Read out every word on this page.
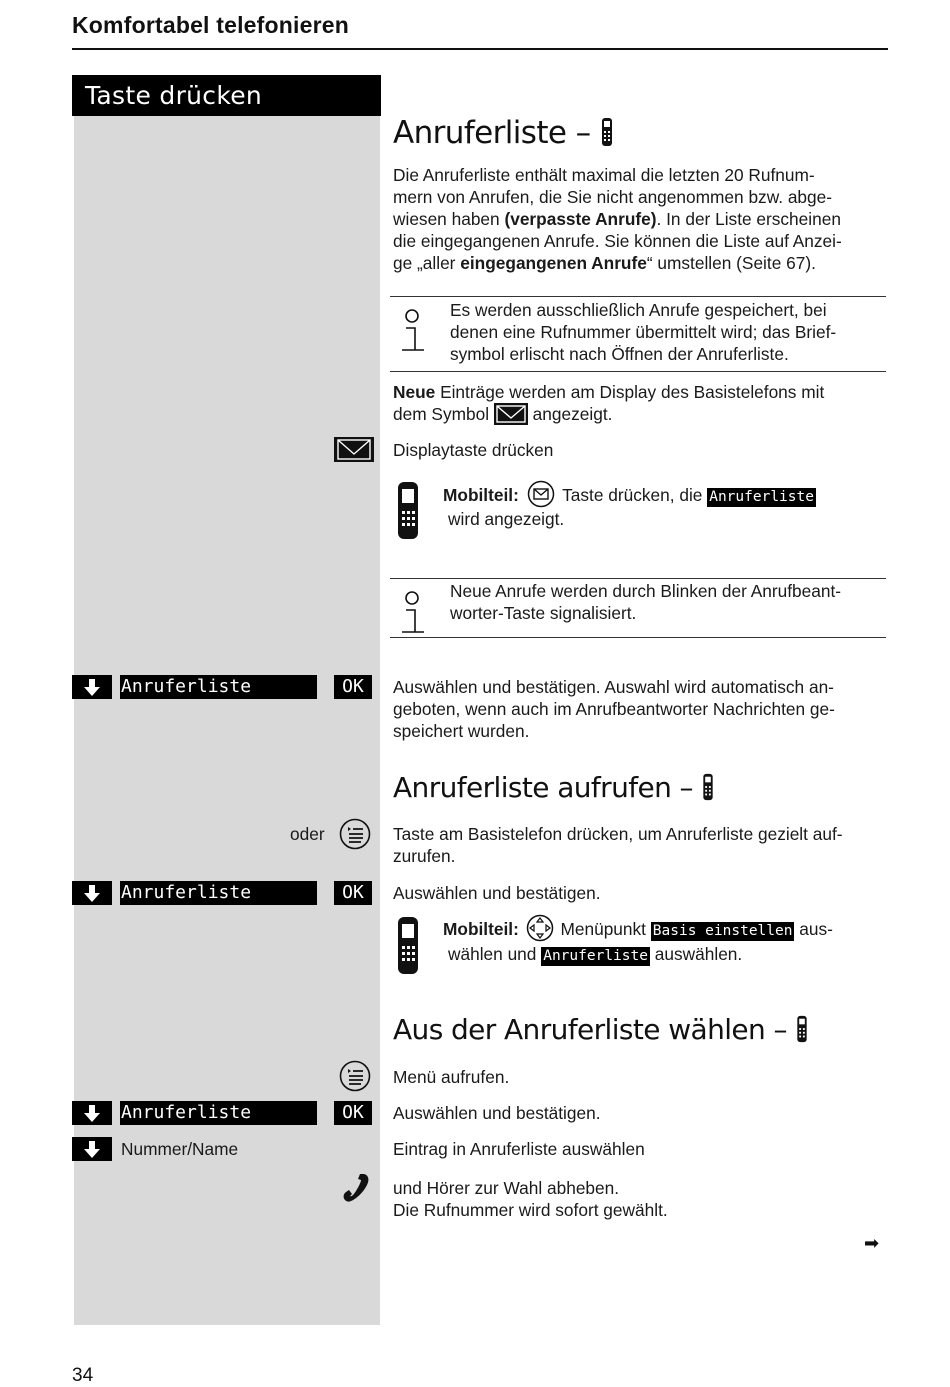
Komfortabel telefonieren
Taste drücken
Anruferliste –

Die Anruferliste enthält maximal die letzten 20 Rufnum-

mern von Anrufen, die Sie nicht angenommen bzw. abge-

wiesen haben (verpasste Anrufe). In der Liste erscheinen

die eingegangenen Anrufe. Sie können die Liste auf Anzei-

ge „aller eingegangenen Anrufe“ umstellen (Seite 67).

Es werden ausschließlich Anrufe gespeichert, bei

denen eine Rufnummer übermittelt wird; das Brief-

symbol erlischt nach Öffnen der Anruferliste.

Neue Einträge werden am Display des Basistelefons mit

dem Symbol	angezeigt.

Displaytaste drücken

Mobilteil:	Taste drücken, die Anruferliste

wird angezeigt.

Neue Anrufe werden durch Blinken der Anrufbeant-

worter-Taste signalisiert.

Anruferliste	OK	Auswählen und bestätigen. Auswahl wird automatisch an-

geboten, wenn auch im Anrufbeantworter Nachrichten ge-

speichert wurden.

Anruferliste aufrufen –
oder	Taste am Basistelefon drücken, um Anruferliste gezielt auf-

zurufen.

Anruferliste	OK	Auswählen und bestätigen.

Mobilteil: Menüpunkt Basis einstellen aus-

wählen und Anruferliste auswählen.

Aus der Anruferliste wählen –
Menü aufrufen.
Anruferliste	OK	Auswählen und bestätigen.
Nummer/Name	Eintrag in Anruferliste auswählen

und Hörer zur Wahl abheben.

Die Rufnummer wird sofort gewählt.

➡
34
